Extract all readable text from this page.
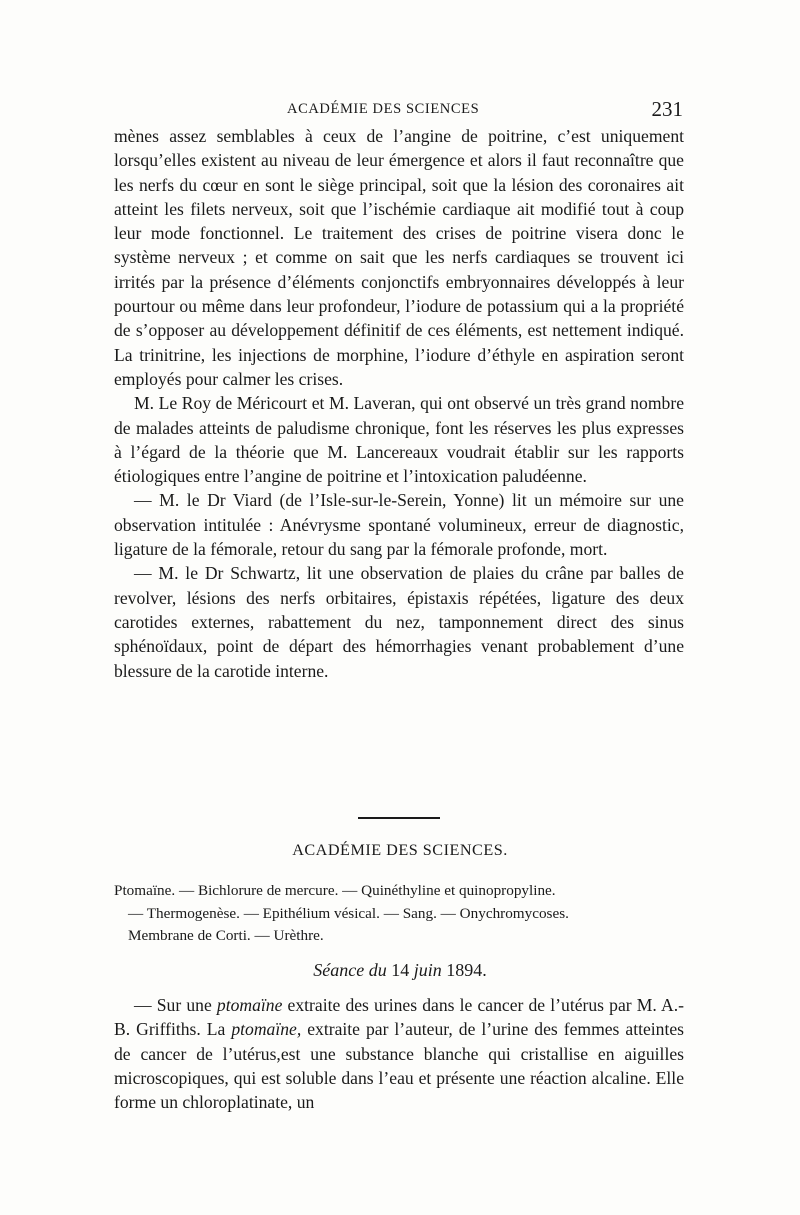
ACADÉMIE DES SCIENCES	231

mènes assez semblables à ceux de l’angine de poitrine, c’est uniquement lorsqu’elles existent au niveau de leur émergence et alors il faut reconnaître que les nerfs du cœur en sont le siège principal, soit que la lésion des coronaires ait atteint les filets nerveux, soit que l’ischémie cardiaque ait modifié tout à coup leur mode fonctionnel. Le traitement des crises de poitrine visera donc le système nerveux ; et comme on sait que les nerfs cardiaques se trouvent ici irrités par la présence d’éléments conjonctifs embryonnaires développés à leur pourtour ou même dans leur profondeur, l’iodure de potassium qui a la propriété de s’opposer au développement définitif de ces éléments, est nettement indiqué. La trinitrine, les injections de morphine, l’iodure d’éthyle en aspiration seront employés pour calmer les crises.

M. Le Roy de Méricourt et M. Laveran, qui ont observé un très grand nombre de malades atteints de paludisme chronique, font les réserves les plus expresses à l’égard de la théorie que M. Lancereaux voudrait établir sur les rapports étiologiques entre l’angine de poitrine et l’intoxication paludéenne.

— M. le Dr Viard (de l’Isle-sur-le-Serein, Yonne) lit un mémoire sur une observation intitulée : Anévrysme spontané volumineux, erreur de diagnostic, ligature de la fémorale, retour du sang par la fémorale profonde, mort.

— M. le Dr Schwartz, lit une observation de plaies du crâne par balles de revolver, lésions des nerfs orbitaires, épistaxis répétées, ligature des deux carotides externes, rabattement du nez, tamponnement direct des sinus sphénoïdaux, point de départ des hémorrhagies venant probablement d’une blessure de la carotide interne.

ACADÉMIE DES SCIENCES.
Ptomaïne. — Bichlorure de mercure. — Quinéthyline et quinopropyline.
— Thermogenèse. — Epithélium vésical. — Sang. — Onychromycoses.
Membrane de Corti. — Urèthre.
Séance du 14 juin 1894.

— Sur une ptomaïne extraite des urines dans le cancer de l’utérus par M. A.-B. Griffiths. La ptomaïne, extraite par l’auteur, de l’urine des femmes atteintes de cancer de l’utérus,est une substance blanche qui cristallise en aiguilles microscopiques, qui est soluble dans l’eau et présente une réaction alcaline. Elle forme un chloroplatinate, un
